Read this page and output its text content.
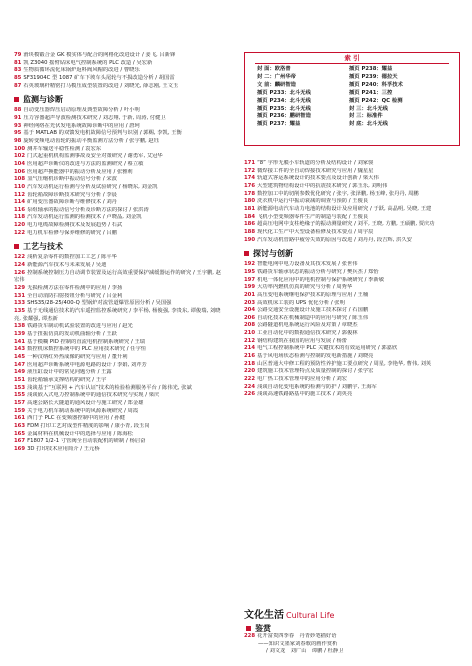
79 滑块模锻合金 GK 模实体与配合的网格化改进设计 / 姜飞, 吕新锋
81 凯 Z3040 摇臂钻床电气控制系统的 PLC 改造 / 吴宏新
83 生物质循环流化床锅炉返料阀风帽的改进 / 曹晓乐
85 SF31904C 型 1087 矿车下坡车头尾轮与不损改造分析 / 胡国雷
87 石英玻璃杆精密打马模压成型装置的改进 / 刘晓光, 薛志刚, 王文玉
监测与诊断
88 自动变压器焊压启动原理及典型故障分析 / 叶小明
91 压力容器超声导波检测技术研究 / 刘志翔, 于新, 周涛, 付健卫
93 神经网络在光伏发电系统故障诊断中的应用 / 唐珂
95 基于 MATLAB 的双馈发电机故障信号预判与识别 / 郭赐, 李凯, 王衡
98 旋转变频电动齿轮的振动平衡监测方法分析 / 张宇鹏, 赵钰
100 测井车输送平稳性检测 / 袁宏东
102 门式起重机机构监测事故及安全对策研究 / 谢勇军, 艾冠华
104 医用超声诊断仪的改进与方法的监测研究 / 蔡立敏
106 医用超声换能器中的振动分析及应用 / 张雅莉
108 氢气压缩机诊断中振动信号分析 / 宋波
110 汽车发动机运行检测与分析及试验研究 / 杨晓东, 刘金凯
112 齿轮箱故障诊断技术研究与分析 / 李晨
114 矿用变压器故障诊断与维修技术 / 刘丹
116 泵组轴承的振动信号分析及诊断方法的探讨 / 张洪涛
118 汽车发动机运行监测的检测技术 / 卢晓晶, 刘金凯
120 电力电缆故障检测技术及发展趋势 / 石武
122 电力机车检修与保养维修的研究 / 吕鹏
工艺与技术
122 浅析复杂零件的数控加工工艺 / 陈平华
124 新能源汽车技术与未来发展 / 吴迪
126 控制系统控制压力自动调节装置及运行高效重要保护减缓器运作的研究 / 王宇鹏, 赵宏伟
129 无损检测方法在零件检测中的应用 / 李扬
131 全自动消防扫射按钮分析与研究 / 吕金利
133 SHS35/28-25/400-Q 型锅炉对流管道爆管原因分析 / 吴国强
135 基于无线通信技术的汽车遥控监控系统研究 / 李平杨, 杨俊强, 李贵东, 谭俊瑞, 刘晓亮, 张耀强, 谭杰新
138 铁路货车制动机试验装置的改进与应用 / 赵光
139 基于扭振仿真的发动机曲轴分析 / 王跃
141 基于模糊 PID 控制的直流电机控制系统研究 / 王瑞
143 数控机床数控系统中的 PLC 应用技术研究 / 任宇恒
145 一种汉纳红外热成像的研究与应用 / 董升利
147 医用超声诊断系统中电源电路的设计 / 李娟, 刘芹芳
149 液压缸设计中的常见问题分析 / 王露
151 齿轮箱轴承支撑结构的研究 / 王宇
153 浅谈基于“互联网 + 汽车认证”技术的检验检测服务平台 / 陈伟光, 张斌
155 浅谈嵌入式电力控制系统中的通信技术研究与实现 / 梁庆
157 高速公路长大隧道的通风设计与施工研究 / 郑金雄
159 关于电力机车制动系统中的风源系统研究 / 周霞
161 西门子 PLC 在变频器控制中的应用 / 孙健
163 FDM 打印工艺对成型件精度的影响 / 康小青, 段玉岗
165 金属材料在机械设计中的选择与应用 / 陈海松
167 F1807 1/2-1 寸管阀全自动装配机的研制 / 杨启奋
169 3D 打印技术应用简介 / 王元桥
索 引
封 面：欧洛普	插页 P238：耀益
封 二：广州华帝	插页 P239：德拉天
文 前：麟研智造	插页 P240：科孚技术
插页 P233：北斗无线	插页 P241：三控
插页 P234：北斗无线	插页 P242：QC 检测
插页 P235：北斗无线	封 三：北斗无线
插页 P236：鹏研智造	封 三：标准件
插页 P237：耀益	封 底：北斗无线
171 “8” 字形无膜小车轨道的分析及结构设计 / 刘家骏
172 微焊接工件的全自动焊接技术研究与应用 / 魏星星
174 轨道式客运系统设计的技术要点及设计创新 / 梁大伟
176 大型建筑物结构设计中的抗震技术研究 / 郭玉乐, 刘明伟
178 数控加工中的切削参数优化研究 / 张宇, 张泽鹏, 杨玉峰, 张丹丹, 周鹏
180 洗衣机中运行中振动衰减的调查与预防 / 王俊良
181 新能源电动汽车动力电池的结构设计及应用研究 / 于跃, 高晶明, 吴晓, 王建
184 飞机小型变频器零件生产的制造与装配 / 王俊良
186 超高压电网中支柱绝缘子的振动测量研究 / 刘平, 王晓, 方鹏, 王硕鹏, 贾庆功
188 现代化工生产中大型设备检修及技术要点 / 周宇辰
190 汽车发动机管路中疲劳失效的原因与改进 / 刘丹丹, 段吉辉, 洪久安
探讨与创新
192 智能电网中电力设备及其技术发展 / 张世伟
195 铁路货车轴承状态的振动分析与研究 / 樊兵杰 / 郑怡
197 机电一体化应用中的电机控制与保护系统研究 / 季新敏
199 大功率内燃机仿真的研究与分析 / 周秀华
201 高压变电系统继电保护技术的原理与应用 / 王楠
203 高效机床工装的 UPS 优化分析 / 张明
204 公路交通安全设施设计及施工技术探讨 / 石国鹏
206 自动化技术在机械制造中的应用与研究 / 陈玉伟
208 公路隧道机电系统运行风险及对策 / 章晓杰
210 工业自动化中的数据通信技术研究 / 郭俊林
212 钢结构建筑在我国的应用与发展 / 杨蕾
214 电气工程控制系统中 PLC 关键技术的有效运用研究 / 郭嘉欣
216 基于风电场状态检测与控制的发电新措施 / 刘晓亮
218 山区普通大中修工程的预防性养护施工要点研究 / 周星, 李艳华, 曹伟, 刘英
220 建筑施工技术管理特点及质量控制的探讨 / 张学宏
222 电厂热工技术管理中的应用分析 / 刘宏
224 浅谈自动化变电系统的检测与防护 / 刘鹏宇, 王海军
226 浅谈高速铁路路基中的施工技术 / 刘英亮
文化生活 Cultural Life
鉴赏
228 花开富贵四季春　丹青妙笔描好语
——知识文墨家刘春歌的画作赏析
/ 刘文龙　刘广山　谭鹏 / 杜静卫
